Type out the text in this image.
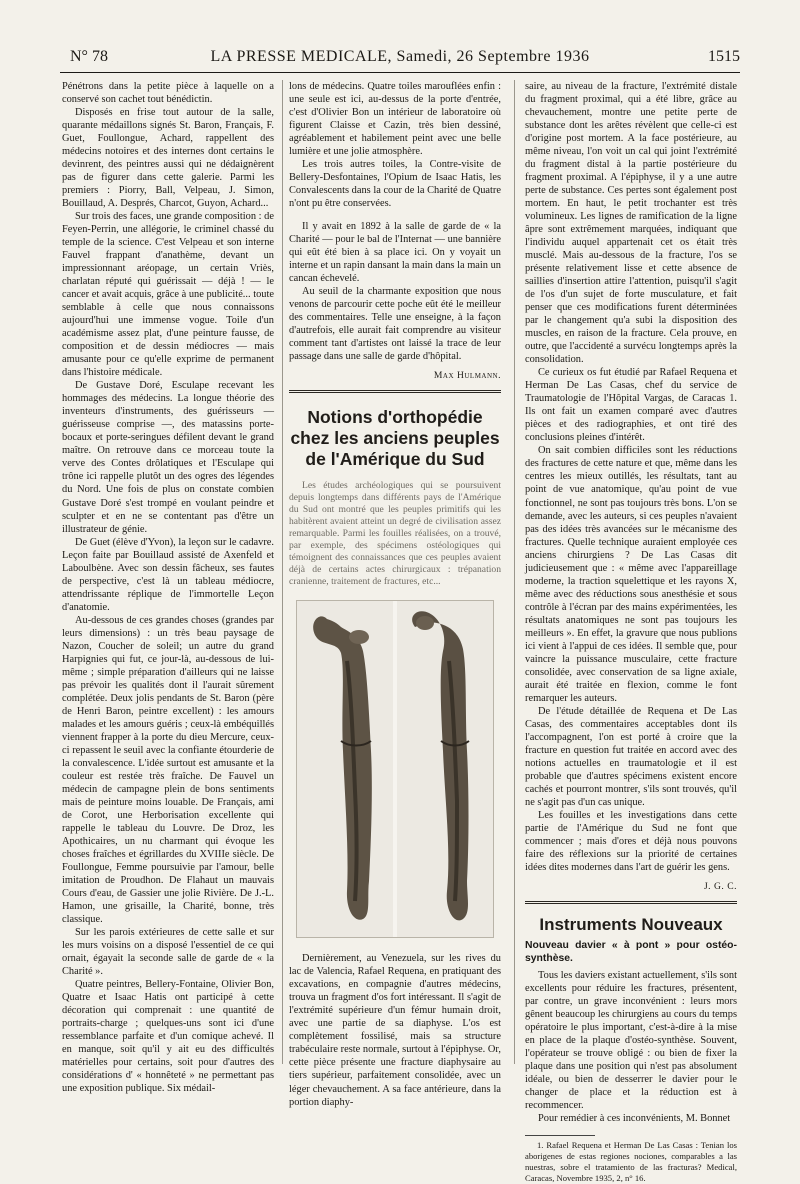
N° 78	LA PRESSE MEDICALE, Samedi, 26 Septembre 1936	1515

Pénétrons dans la petite pièce à laquelle on a conservé son cachet tout bénédictin.

Disposés en frise tout autour de la salle, quarante médaillons signés St. Baron, Français, F. Guet, Foullongue, Achard, rappellent des médecins notoires et des internes dont certains le devinrent, des peintres aussi qui ne dédaignèrent pas de figurer dans cette galerie. Parmi les premiers : Piorry, Ball, Velpeau, J. Simon, Bouillaud, A. Després, Charcot, Guyon, Achard...

Sur trois des faces, une grande composition : de Feyen-Perrin, une allégorie, le criminel chassé du temple de la science. C'est Velpeau et son interne Fauvel frappant d'anathème, devant un impressionnant aréopage, un certain Vriès, charlatan réputé qui guérissait — déjà ! — le cancer et avait acquis, grâce à une publicité... toute semblable à celle que nous connaissons aujourd'hui une immense vogue. Toile d'un académisme assez plat, d'une peinture fausse, de composition et de dessin médiocres — mais amusante pour ce qu'elle exprime de permanent dans l'histoire médicale.

De Gustave Doré, Esculape recevant les hommages des médecins. La longue théorie des inventeurs d'instruments, des guérisseurs — guérisseuse comprise —, des matassins porte-bocaux et porte-seringues défilent devant le grand maître. On retrouve dans ce morceau toute la verve des Contes drôlatiques et l'Esculape qui trône ici rappelle plutôt un des ogres des légendes du Nord. Une fois de plus on constate combien Gustave Doré s'est trompé en voulant peindre et sculpter et en ne se contentant pas d'être un illustrateur de génie.

De Guet (élève d'Yvon), la leçon sur le cadavre. Leçon faite par Bouillaud assisté de Axenfeld et Laboulbène. Avec son dessin fâcheux, ses fautes de perspective, c'est là un tableau médiocre, attendrissante réplique de l'immortelle Leçon d'anatomie.

Au-dessous de ces grandes choses (grandes par leurs dimensions) : un très beau paysage de Nazon, Coucher de soleil; un autre du grand Harpignies qui fut, ce jour-là, au-dessous de lui-même ; simple préparation d'ailleurs qui ne laisse pas prévoir les qualités dont il l'aurait sûrement complétée. Deux jolis pendants de St. Baron (père de Henri Baron, peintre excellent) : les amours malades et les amours guéris ; ceux-là embéquillés viennent frapper à la porte du dieu Mercure, ceux-ci repassent le seuil avec la confiante étourderie de la convalescence. L'idée surtout est amusante et la couleur est restée très fraîche. De Fauvel un médecin de campagne plein de bons sentiments mais de peinture moins louable. De Français, ami de Corot, une Herborisation excellente qui rappelle le tableau du Louvre. De Droz, les Apothicaires, un nu charmant qui évoque les choses fraîches et égrillardes du XVIIIe siècle. De Foullongue, Femme poursuivie par l'amour, belle imitation de Proudhon. De Flahaut un mauvais Cours d'eau, de Gassier une jolie Rivière. De J.-L. Hamon, une grisaille, la Charité, bonne, très classique.

Sur les parois extérieures de cette salle et sur les murs voisins on a disposé l'essentiel de ce qui ornait, égayait la seconde salle de garde de « la Charité ».

Quatre peintres, Bellery-Fontaine, Olivier Bon, Quatre et Isaac Hatis ont participé à cette décoration qui comprenait : une quantité de portraits-charge ; quelques-uns sont ici d'une ressemblance parfaite et d'un comique achevé. Il en manque, soit qu'il y ait eu des difficultés matérielles pour certains, soit pour d'autres des considérations d' « honnêteté » ne permettant pas une exposition publique. Six médail-

lons de médecins. Quatre toiles marouflées enfin : une seule est ici, au-dessus de la porte d'entrée, c'est d'Olivier Bon un intérieur de laboratoire où figurent Claisse et Cazin, très bien dessiné, agréablement et habilement peint avec une belle lumière et une jolie atmosphère.

Les trois autres toiles, la Contre-visite de Bellery-Desfontaines, l'Opium de Isaac Hatis, les Convalescents dans la cour de la Charité de Quatre n'ont pu être conservées.

Il y avait en 1892 à la salle de garde de « la Charité — pour le bal de l'Internat — une bannière qui eût été bien à sa place ici. On y voyait un interne et un rapin dansant la main dans la main un cancan échevelé.

Au seuil de la charmante exposition que nous venons de parcourir cette poche eût été le meilleur des commentaires. Telle une enseigne, à la façon d'autrefois, elle aurait fait comprendre au visiteur comment tant d'artistes ont laissé la trace de leur passage dans une salle de garde d'hôpital.

Max Hulmann.
Notions d'orthopédie
chez les anciens peuples
de l'Amérique du Sud

Les études archéologiques qui se poursuivent depuis longtemps dans différents pays de l'Amérique du Sud ont montré que les peuples primitifs qui les habitèrent avaient atteint un degré de civilisation assez remarquable. Parmi les fouilles réalisées, on a trouvé, par exemple, des spécimens ostéologiques qui témoignent des connaissances que ces peuples avaient déjà de certains actes chirurgicaux : trépanation cranienne, traitement de fractures, etc...

Dernièrement, au Venezuela, sur les rives du lac de Valencia, Rafael Requena, en pratiquant des excavations, en compagnie d'autres médecins, trouva un fragment d'os fort intéressant. Il s'agit de l'extrémité supérieure d'un fémur humain droit, avec une partie de sa diaphyse. L'os est complètement fossilisé, mais sa structure trabéculaire reste normale, surtout à l'épiphyse. Or, cette pièce présente une fracture diaphysaire au tiers supérieur, parfaitement consolidée, avec un léger chevauchement. A sa face antérieure, dans la portion diaphy-

saire, au niveau de la fracture, l'extrémité distale du fragment proximal, qui a été libre, grâce au chevauchement, montre une petite perte de substance dont les arêtes révèlent que celle-ci est d'origine post mortem. A la face postérieure, au même niveau, l'on voit un cal qui joint l'extrémité du fragment distal à la partie postérieure du fragment proximal. A l'épiphyse, il y a une autre perte de substance. Ces pertes sont également post mortem. En haut, le petit trochanter est très volumineux. Les lignes de ramification de la ligne âpre sont extrêmement marquées, indiquant que l'individu auquel appartenait cet os était très musclé. Mais au-dessous de la fracture, l'os se présente relativement lisse et cette absence de saillies d'insertion attire l'attention, puisqu'il s'agit de l'os d'un sujet de forte musculature, et fait penser que ces modifications furent déterminées par le changement qu'a subi la disposition des muscles, en raison de la fracture. Cela prouve, en outre, que l'accidenté a survécu longtemps après la consolidation.

Ce curieux os fut étudié par Rafael Requena et Herman De Las Casas, chef du service de Traumatologie de l'Hôpital Vargas, de Caracas 1. Ils ont fait un examen comparé avec d'autres pièces et des radiographies, et ont tiré des conclusions pleines d'intérêt.

On sait combien difficiles sont les réductions des fractures de cette nature et que, même dans les centres les mieux outillés, les résultats, tant au point de vue anatomique, qu'au point de vue fonctionnel, ne sont pas toujours très bons. L'on se demande, avec les auteurs, si ces peuples n'avaient pas des idées très avancées sur le mécanisme des fractures. Quelle technique auraient employée ces anciens chirurgiens ? De Las Casas dit judicieusement que : « même avec l'appareillage moderne, la traction squelettique et les rayons X, même avec des réductions sous anesthésie et sous contrôle à l'écran par des mains expérimentées, les résultats anatomiques ne sont pas toujours les meilleurs ». En effet, la gravure que nous publions ici vient à l'appui de ces idées. Il semble que, pour vaincre la puissance musculaire, cette fracture consolidée, avec conservation de sa ligne axiale, aurait été traitée en flexion, comme le font remarquer les auteurs.

De l'étude détaillée de Requena et De Las Casas, des commentaires acceptables dont ils l'accompagnent, l'on est porté à croire que la fracture en question fut traitée en accord avec des notions actuelles en traumatologie et il est probable que d'autres spécimens existent encore cachés et pourront montrer, s'ils sont trouvés, qu'il ne s'agit pas d'un cas unique.

Les fouilles et les investigations dans cette partie de l'Amérique du Sud ne font que commencer ; mais d'ores et déjà nous pouvons faire des réflexions sur la priorité de certaines idées dites modernes dans l'art de guérir les gens.

J. G. C.
Instruments Nouveaux
Nouveau davier « à pont » pour ostéo-synthèse.

Tous les daviers existant actuellement, s'ils sont excellents pour réduire les fractures, présentent, par contre, un grave inconvénient : leurs mors gênent beaucoup les chirurgiens au cours du temps opératoire le plus important, c'est-à-dire à la mise en place de la plaque d'ostéo-synthèse. Souvent, l'opérateur se trouve obligé : ou bien de fixer la plaque dans une position qui n'est pas absolument idéale, ou bien de desserrer le davier pour le changer de place et la réduction est à recommencer.

Pour remédier à ces inconvénients, M. Bonnet

1. Rafael Requena et Herman De Las Casas : Tenian los aborigenes de estas regiones nociones, comparables a las nuestras, sobre el tratamiento de las fracturas? Medical, Caracas, Novembre 1935, 2, n° 16.
